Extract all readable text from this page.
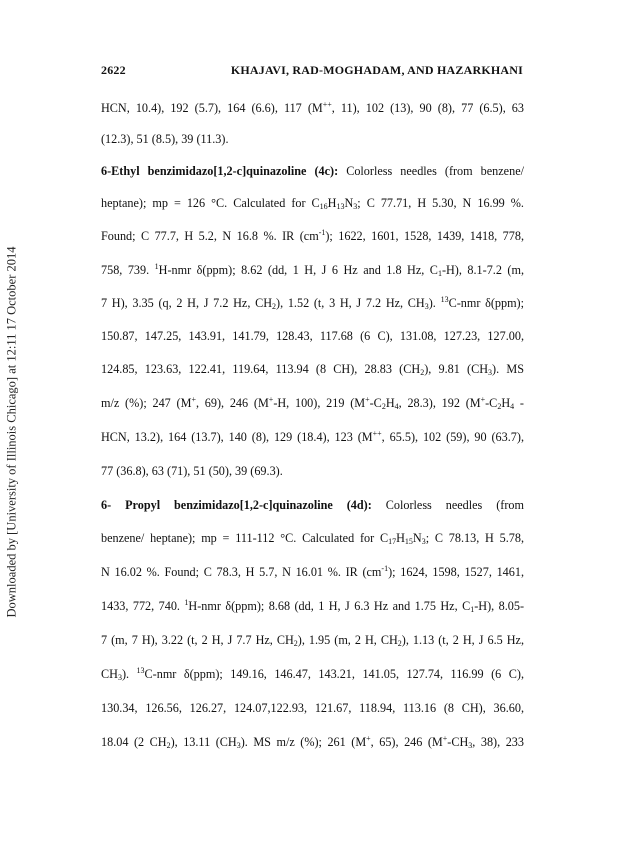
Downloaded by [University of Illinois Chicago] at 12:11 17 October 2014
2622	KHAJAVI, RAD-MOGHADAM, AND HAZARKHANI
HCN, 10.4), 192 (5.7), 164 (6.6), 117 (M++, 11), 102 (13), 90 (8), 77 (6.5), 63
(12.3), 51 (8.5), 39 (11.3).
6-Ethyl benzimidazo[1,2-c]quinazoline (4c): Colorless needles (from benzene/
heptane); mp = 126 °C. Calculated for $C_{16}H_{13}N_3$; C 77.71, H 5.30, N 16.99 %.
Found; C 77.7, H 5.2, N 16.8 %. IR $(cm^{-1})$; 1622, 1601, 1528, 1439, 1418, 778,
758, 739. $^1$H-nmr δ(ppm); 8.62 (dd, 1 H, J 6 Hz and 1.8 Hz, $C_1-H$), 8.1-7.2 (m,
7 H), 3.35 (q, 2 H, J 7.2 Hz, $CH_2$), 1.52 (t, 3 H, J 7.2 Hz, $CH_3$). $^{13}$C-nmr δ(ppm);
150.87, 147.25, 143.91, 141.79, 128.43, 117.68 (6 C), 131.08, 127.23, 127.00,
124.85, 123.63, 122.41, 119.64, 113.94 (8 CH), 28.83 $(CH_2)$, 9.81 $(CH_3)$. MS
m/z (%); 247 (M+, 69), 246 (M+-H, 100), 219 ($M^+-C_2H_4$, 28.3), 192 ($M^+-C_2H_4$ -
HCN, 13.2), 164 (13.7), 140 (8), 129 (18.4), 123 (M++, 65.5), 102 (59), 90 (63.7),
77 (36.8), 63 (71), 51 (50), 39 (69.3).
6- Propyl benzimidazo[1,2-c]quinazoline (4d): Colorless needles (from
benzene/ heptane); mp = 111-112 °C. Calculated for $C_{17}H_{15}N_3$; C 78.13, H 5.78,
N 16.02 %. Found; C 78.3, H 5.7, N 16.01 %. IR $(cm^{-1})$; 1624, 1598, 1527, 1461,
1433, 772, 740. $^1$H-nmr δ(ppm); 8.68 (dd, 1 H, J 6.3 Hz and 1.75 Hz, $C_1-H$), 8.05-
7 (m, 7 H), 3.22 (t, 2 H, J 7.7 Hz, $CH_2$), 1.95 (m, 2 H, $CH_2$), 1.13 (t, 2 H, J 6.5 Hz,
$CH_3$). $^{13}$C-nmr δ(ppm); 149.16, 146.47, 143.21, 141.05, 127.74, 116.99 (6 C),
130.34, 126.56, 126.27, 124.07,122.93, 121.67, 118.94, 113.16 (8 CH), 36.60,
18.04 (2 $CH_2$), 13.11 $(CH_3)$. MS m/z (%); 261 (M+, 65), 246 ($M^+-CH_3$, 38), 233
